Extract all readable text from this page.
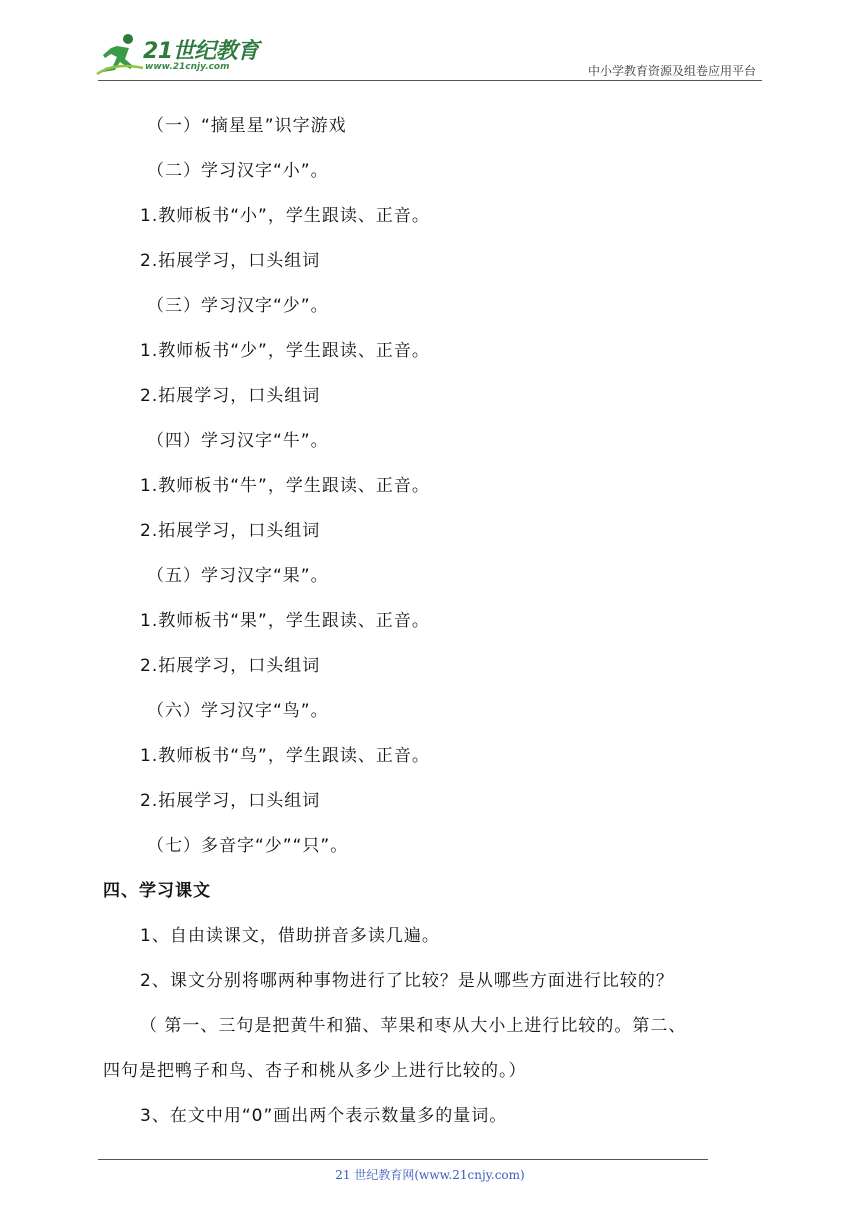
21世纪教育
www.21cnjy.com	中小学教育资源及组卷应用平台
（一）“摘星星”识字游戏
（二）学习汉字“小”。
1.教师板书“小”，学生跟读、正音。
2.拓展学习，口头组词
（三）学习汉字“少”。
1.教师板书“少”，学生跟读、正音。
2.拓展学习，口头组词
（四）学习汉字“牛”。
1.教师板书“牛”，学生跟读、正音。
2.拓展学习，口头组词
（五）学习汉字“果”。
1.教师板书“果”，学生跟读、正音。
2.拓展学习，口头组词
（六）学习汉字“鸟”。
1.教师板书“鸟”，学生跟读、正音。
2.拓展学习，口头组词
（七）多音字“少”“只”。
四、学习课文
1、自由读课文，借助拼音多读几遍。
2、课文分别将哪两种事物进行了比较？是从哪些方面进行比较的？
（ 第一、三句是把黄牛和猫、苹果和枣从大小上进行比较的。第二、
四句是把鸭子和鸟、杏子和桃从多少上进行比较的。）
3、在文中用“0”画出两个表示数量多的量词。
21 世纪教育网(www.21cnjy.com)
